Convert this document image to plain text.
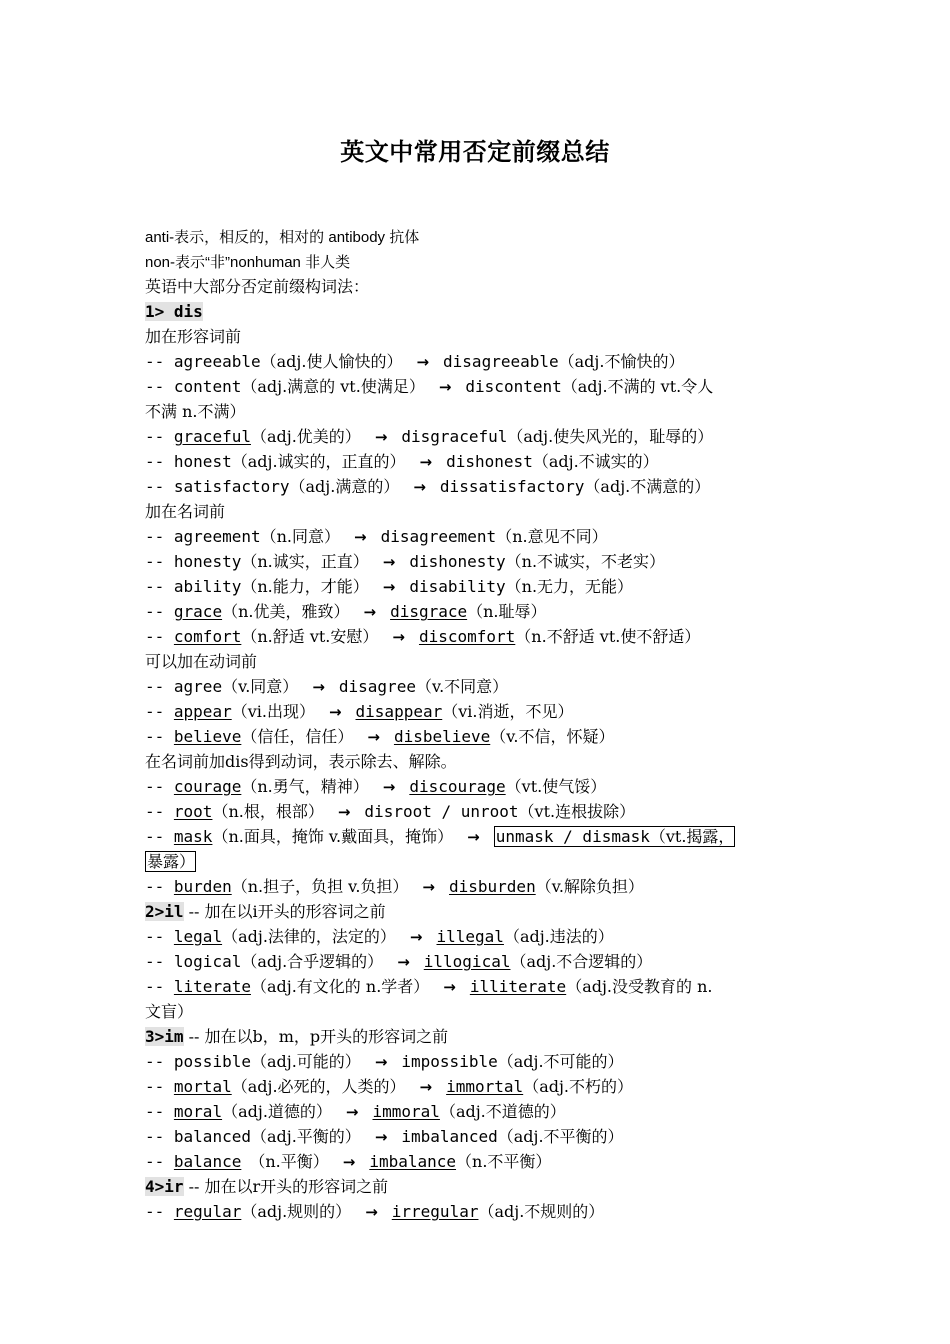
英文中常用否定前缀总结
anti-表示，相反的，相对的 antibody 抗体
non-表示“非”nonhuman 非人类
英语中大部分否定前缀构词法：
1> dis
加在形容词前
-- agreeable（adj.使人愉快的） → disagreeable（adj.不愉快的）
-- content（adj.满意的 vt.使满足） → discontent（adj.不满的 vt.令人
不满 n.不满）
-- graceful（adj.优美的） → disgraceful（adj.使失风光的，耻辱的）
-- honest（adj.诚实的，正直的） → dishonest（adj.不诚实的）
-- satisfactory（adj.满意的） → dissatisfactory（adj.不满意的）
加在名词前
-- agreement（n.同意） → disagreement（n.意见不同）
-- honesty（n.诚实，正直） → dishonesty（n.不诚实，不老实）
-- ability（n.能力，才能） → disability（n.无力，无能）
-- grace（n.优美，雅致） → disgrace（n.耻辱）
-- comfort（n.舒适 vt.安慰） → discomfort（n.不舒适 vt.使不舒适）
可以加在动词前
-- agree（v.同意） → disagree（v.不同意）
-- appear（vi.出现） → disappear（vi.消逝，不见）
-- believe（信任，信任） → disbelieve（v.不信，怀疑）
在名词前加dis得到动词，表示除去、解除。
-- courage（n.勇气，精神） → discourage（vt.使气馁）
-- root（n.根，根部） → disroot / unroot（vt.连根拔除）
-- mask（n.面具，掩饰 v.戴面具，掩饰） → unmask / dismask（vt.揭露，
暴露）
-- burden（n.担子，负担 v.负担） → disburden（v.解除负担）
2>il -- 加在以i开头的形容词之前
-- legal（adj.法律的，法定的） → illegal（adj.违法的）
-- logical（adj.合乎逻辑的） → illogical（adj.不合逻辑的）
-- literate（adj.有文化的 n.学者） → illiterate（adj.没受教育的 n.
文盲）
3>im -- 加在以b，m，p开头的形容词之前
-- possible（adj.可能的） → impossible（adj.不可能的）
-- mortal（adj.必死的，人类的） → immortal（adj.不朽的）
-- moral（adj.道德的） → immoral（adj.不道德的）
-- balanced（adj.平衡的） → imbalanced（adj.不平衡的）
-- balance　（n.平衡） → imbalance（n.不平衡）
4>ir -- 加在以r开头的形容词之前
-- regular（adj.规则的） → irregular（adj.不规则的）
